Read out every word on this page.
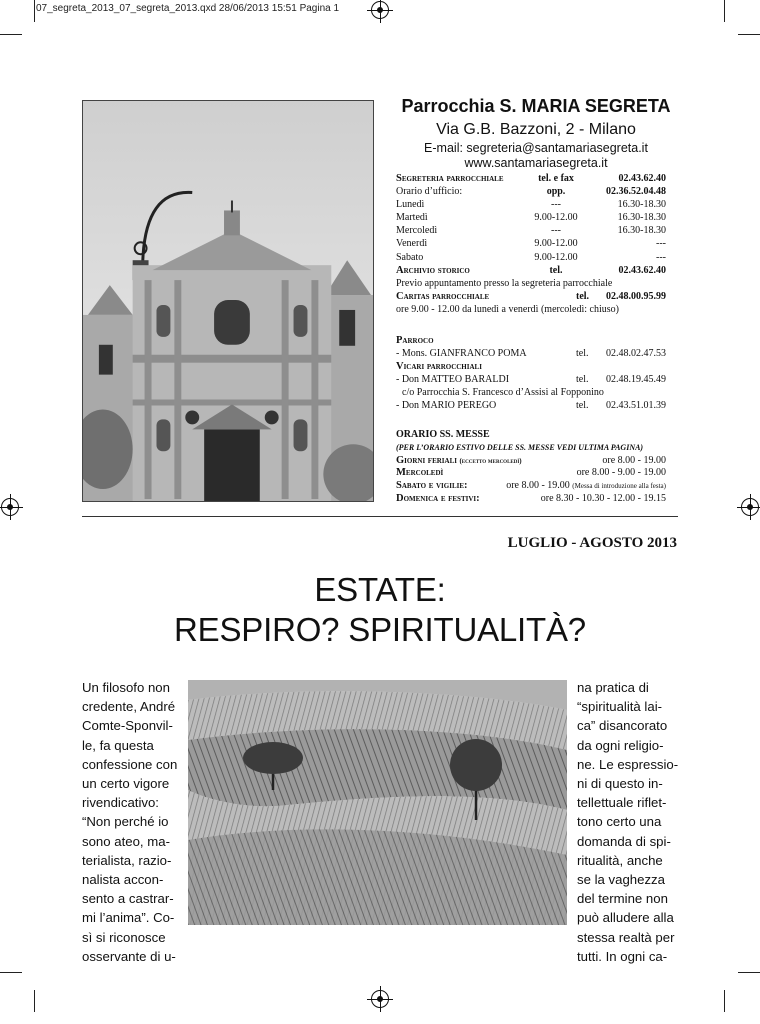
07_segreta_2013_07_segreta_2013.qxd 28/06/2013 15:51 Pagina 1
Parrocchia S. MARIA SEGRETA
Via G.B. Bazzoni, 2 - Milano
E-mail: segreteria@santamariasegreta.it
www.santamariasegreta.it
Segreteria parrocchiale	tel. e fax	02.43.62.40
Orario d’ufficio:	opp.	02.36.52.04.48
Lunedì	---	16.30-18.30
Martedì	9.00-12.00	16.30-18.30
Mercoledì	---	16.30-18.30
Venerdì	9.00-12.00	---
Sabato	9.00-12.00	---
Archivio storico	tel.	02.43.62.40
Previo appuntamento presso la segreteria parrocchiale
Caritas parrocchiale	tel.	02.48.00.95.99
ore 9.00 - 12.00 da lunedì a venerdì (mercoledì: chiuso)
Parroco
- Mons. GIANFRANCO POMA	tel.	02.48.02.47.53
Vicari parrocchiali
- Don MATTEO BARALDI	tel.	02.48.19.45.49
c/o Parrocchia S. Francesco d’Assisi al Fopponino
- Don MARIO PEREGO	tel.	02.43.51.01.39
ORARIO SS. MESSE
(PER L’ORARIO ESTIVO DELLE SS. MESSE VEDI ULTIMA PAGINA)
Giorni feriali (eccetto mercoledì)	ore 8.00 - 19.00
Mercoledì	ore 8.00 - 9.00 - 19.00
Sabato e vigilie:	ore 8.00 - 19.00 (Messa di introduzione alla festa)
Domenica e festivi:	ore 8.30 - 10.30 - 12.00 - 19.15
LUGLIO - AGOSTO 2013
ESTATE:
RESPIRO? SPIRITUALITÀ?
Un filosofo non
credente, André
Comte-Sponvil-
le, fa questa
confessione con
un certo vigore
rivendicativo:
“Non perché io
sono ateo, ma-
terialista, razio-
nalista accon-
sento a castrar-
mi l’anima”. Co-
sì si riconosce
osservante di u-
na pratica di
“spiritualità lai-
ca” disancorato
da ogni religio-
ne. Le espressio-
ni di questo in-
tellettuale riflet-
tono certo una
domanda di spi-
ritualità, anche
se la vaghezza
del termine non
può alludere alla
stessa realtà per
tutti. In ogni ca-
